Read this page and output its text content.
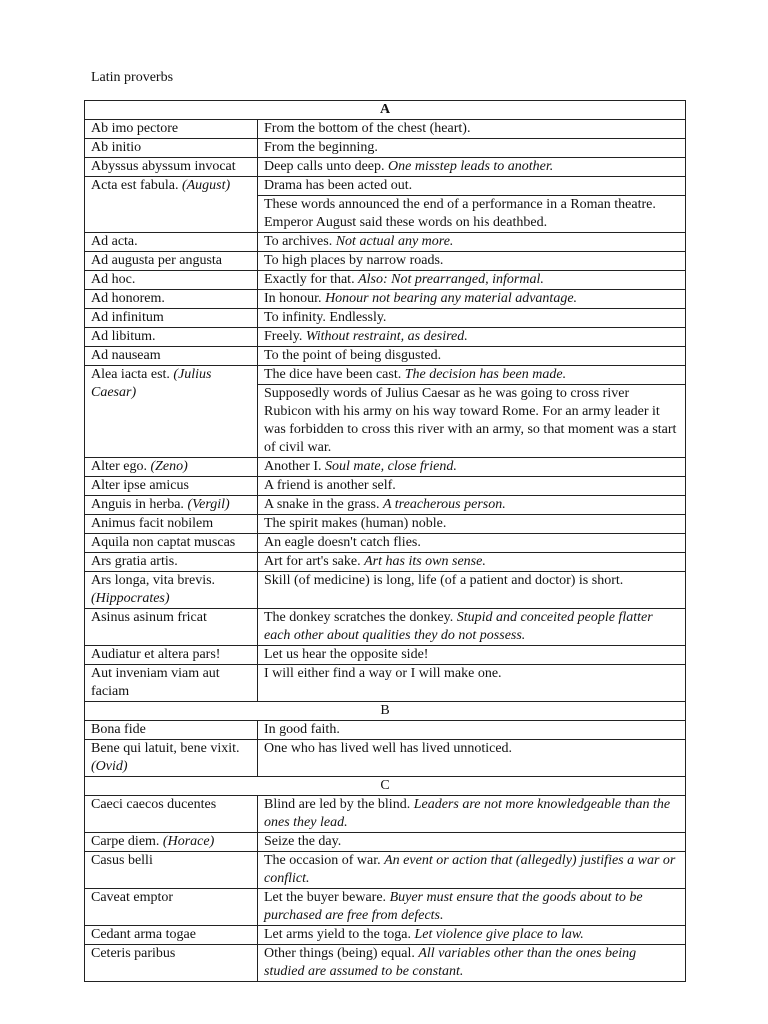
Latin proverbs
A	
Ab imo pectore	From the bottom of the chest (heart).
Ab initio	From the beginning.
Abyssus abyssum invocat	Deep calls unto deep. One misstep leads to another.
Acta est fabula. (August)	Drama has been acted out.
	These words announced the end of a performance in a Roman theatre. Emperor August said these words on his deathbed.
Ad acta.	To archives. Not actual any more.
Ad augusta per angusta	To high places by narrow roads.
Ad hoc.	Exactly for that. Also: Not prearranged, informal.
Ad honorem.	In honour. Honour not bearing any material advantage.
Ad infinitum	To infinity. Endlessly.
Ad libitum.	Freely. Without restraint, as desired.
Ad nauseam	To the point of being disgusted.
Alea iacta est. (Julius Caesar)	The dice have been cast. The decision has been made.
	Supposedly words of Julius Caesar as he was going to cross river Rubicon with his army on his way toward Rome. For an army leader it was forbidden to cross this river with an army, so that moment was a start of civil war.
Alter ego. (Zeno)	Another I. Soul mate, close friend.
Alter ipse amicus	A friend is another self.
Anguis in herba. (Vergil)	A snake in the grass. A treacherous person.
Animus facit nobilem	The spirit makes (human) noble.
Aquila non captat muscas	An eagle doesn't catch flies.
Ars gratia artis.	Art for art's sake. Art has its own sense.
Ars longa, vita brevis. (Hippocrates)	Skill (of medicine) is long, life (of a patient and doctor) is short.
Asinus asinum fricat	The donkey scratches the donkey. Stupid and conceited people flatter each other about qualities they do not possess.
Audiatur et altera pars!	Let us hear the opposite side!
Aut inveniam viam aut faciam	I will either find a way or I will make one.
B	
Bona fide	In good faith.
Bene qui latuit, bene vixit. (Ovid)	One who has lived well has lived unnoticed.
C	
Caeci caecos ducentes	Blind are led by the blind. Leaders are not more knowledgeable than the ones they lead.
Carpe diem. (Horace)	Seize the day.
Casus belli	The occasion of war. An event or action that (allegedly) justifies a war or conflict.
Caveat emptor	Let the buyer beware. Buyer must ensure that the goods about to be purchased are free from defects.
Cedant arma togae	Let arms yield to the toga. Let violence give place to law.
Ceteris paribus	Other things (being) equal. All variables other than the ones being studied are assumed to be constant.
